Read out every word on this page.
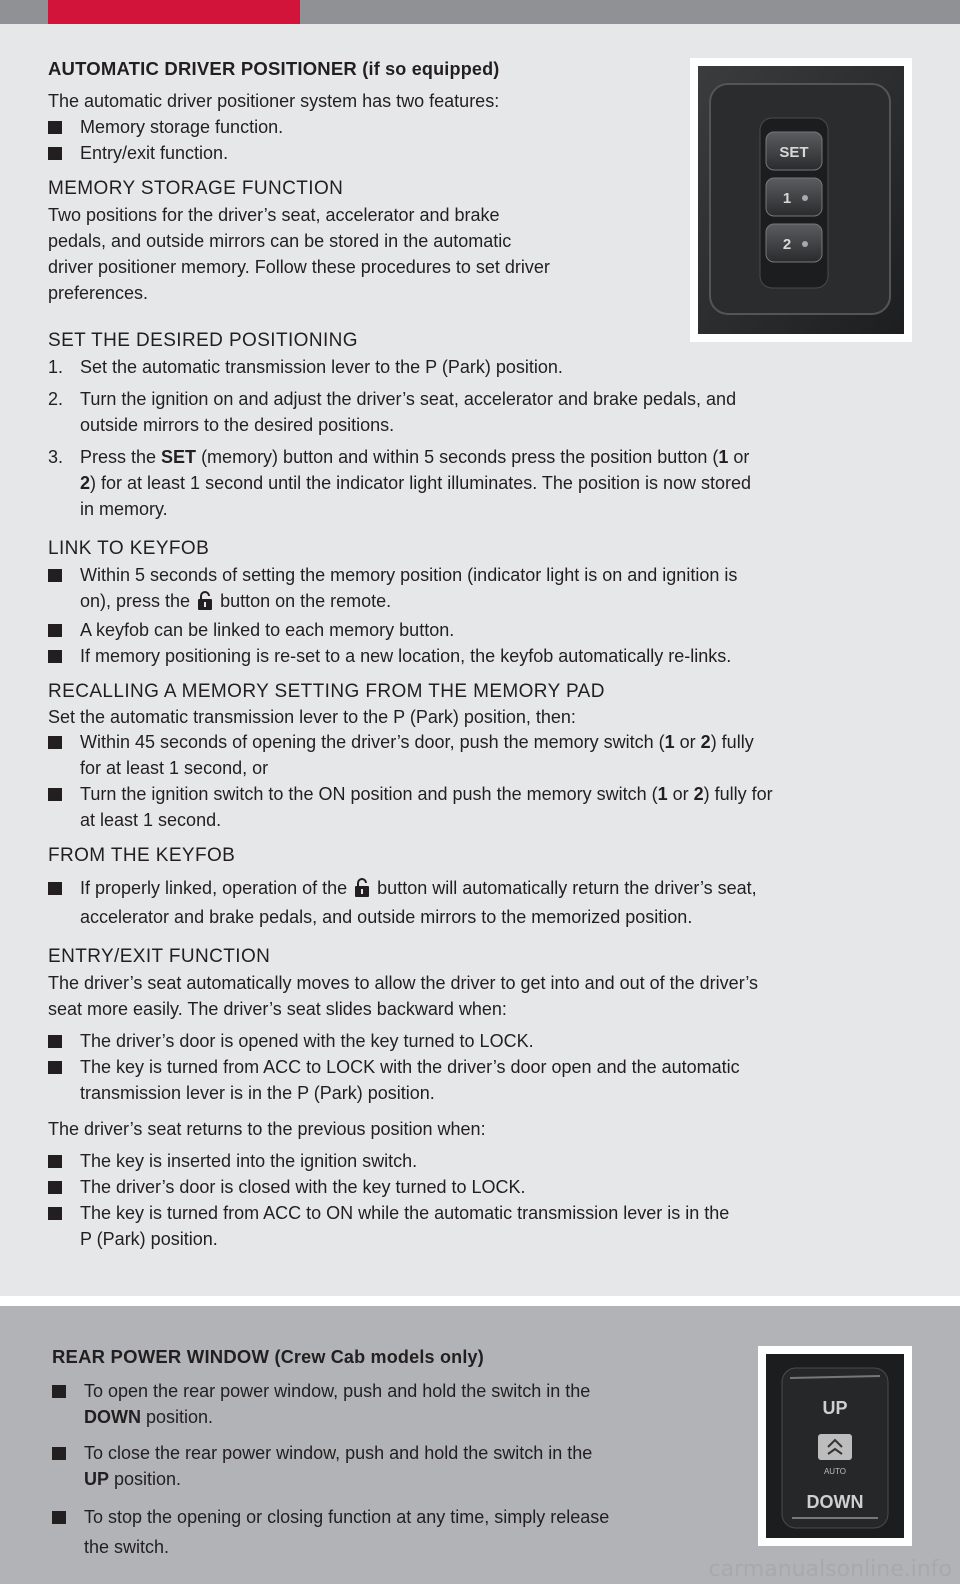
AUTOMATIC DRIVER POSITIONER (if so equipped)

The automatic driver positioner system has two features:

Memory storage function.
Entry/exit function.

MEMORY STORAGE FUNCTION

Two positions for the driver’s seat, accelerator and brake
pedals, and outside mirrors can be stored in the automatic
driver positioner memory. Follow these procedures to set driver
preferences.

SET THE DESIRED POSITIONING

1. Set the automatic transmission lever to the P (Park) position.
2. Turn the ignition on and adjust the driver’s seat, accelerator and brake pedals, and
outside mirrors to the desired positions.
3. Press the SET (memory) button and within 5 seconds press the position button (1 or
2) for at least 1 second until the indicator light illuminates. The position is now stored
in memory.

LINK TO KEYFOB

Within 5 seconds of setting the memory position (indicator light is on and ignition is
on), press the  button on the remote.
A keyfob can be linked to each memory button.
If memory positioning is re-set to a new location, the keyfob automatically re-links.

RECALLING A MEMORY SETTING FROM THE MEMORY PAD

Set the automatic transmission lever to the P (Park) position, then:

Within 45 seconds of opening the driver’s door, push the memory switch (1 or 2) fully
for at least 1 second, or
Turn the ignition switch to the ON position and push the memory switch (1 or 2) fully for
at least 1 second.

FROM THE KEYFOB

If properly linked, operation of the  button will automatically return the driver’s seat,
accelerator and brake pedals, and outside mirrors to the memorized position.

ENTRY/EXIT FUNCTION

The driver’s seat automatically moves to allow the driver to get into and out of the driver’s
seat more easily. The driver’s seat slides backward when:

The driver’s door is opened with the key turned to LOCK.
The key is turned from ACC to LOCK with the driver’s door open and the automatic
transmission lever is in the P (Park) position.

The driver’s seat returns to the previous position when:

The key is inserted into the ignition switch.
The driver’s door is closed with the key turned to LOCK.
The key is turned from ACC to ON while the automatic transmission lever is in the
P (Park) position.
SET
1
2
REAR POWER WINDOW (Crew Cab models only)
To open the rear power window, push and hold the switch in the
DOWN position.
To close the rear power window, push and hold the switch in the
UP position.
To stop the opening or closing function at any time, simply release
the switch.
UP
AUTO
DOWN
carmanualsonline.info
